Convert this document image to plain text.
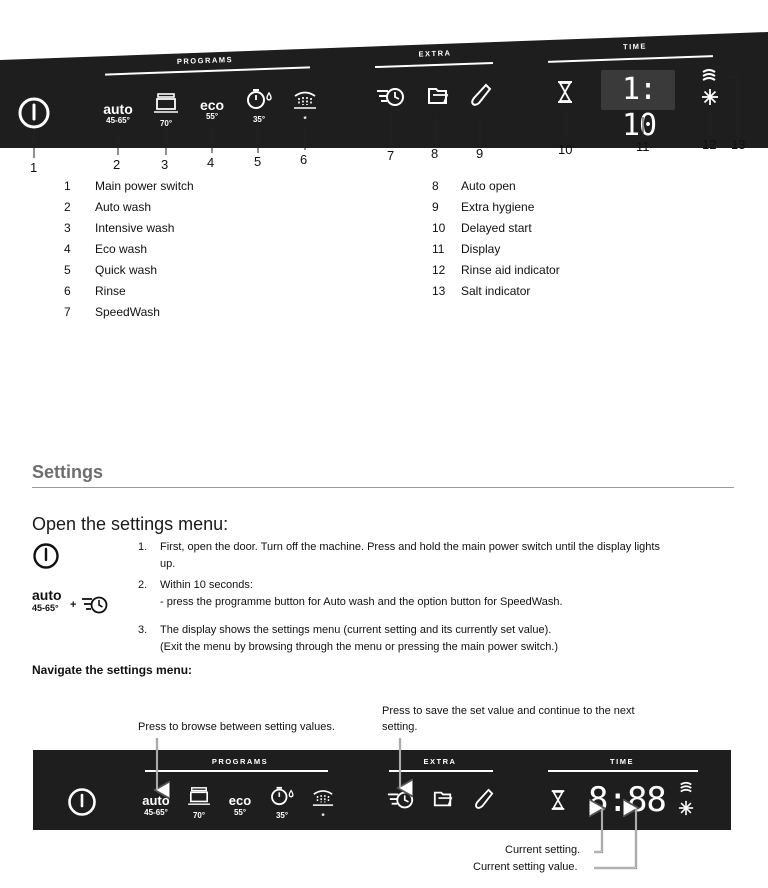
PROGRAMS
EXTRA
TIME
auto
45-65°	70°
eco
55°	35°	*
1: 10
1	2	3	4	5	6	7	8	9	10	11	12 13
1 Main power switch
2 Auto wash
3 Intensive wash
4 Eco wash
5 Quick wash
6 Rinse
7 SpeedWash
8 Auto open
9 Extra hygiene
10 Delayed start
11 Display
12 Rinse aid indicator
13 Salt indicator
Settings
Open the settings menu:
auto
45-65° +
1. First, open the door. Turn off the machine. Press and hold the main power switch until the display lights
up.
2. Within 10 seconds:
- press the programme button for Auto wash and the option button for SpeedWash.
3. The display shows the settings menu (current setting and its currently set value).
(Exit the menu by browsing through the menu or pressing the main power switch.)
Navigate the settings menu:
Press to browse between setting values.
Press to save the set value and continue to the next
setting.
PROGRAMS	EXTRA	TIME
auto
45-65°	70°
eco
55°	35°	*	8:88
Current setting.
Current setting value.
